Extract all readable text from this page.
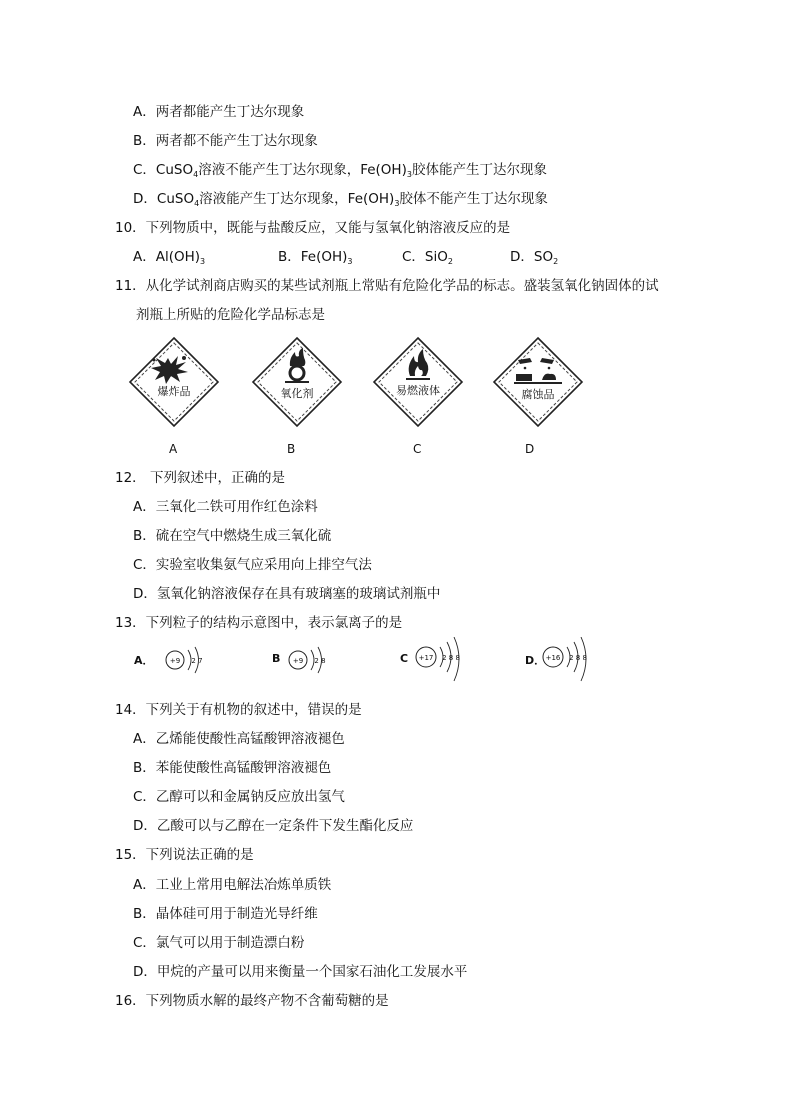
A．两者都能产生丁达尔现象
B．两者都不能产生丁达尔现象
C．CuSO$_4$溶液不能产生丁达尔现象，$Fe(OH)_3$胶体能产生丁达尔现象
D．CuSO$_4$溶液能产生丁达尔现象，$Fe(OH)_3$胶体不能产生丁达尔现象
10．下列物质中，既能与盐酸反应，又能与氢氧化钠溶液反应的是
A．$Al(OH)_3$	B．$Fe(OH)_3$	C．SiO$_2$	D．$SO_2$
11．从化学试剂商店购买的某些试剂瓶上常贴有危险化学品的标志。盛装氢氧化钠固体的试
剂瓶上所贴的危险化学品标志是
爆炸品	氧化剂	易燃液体	腐蚀品
A	B	C	D
12． 下列叙述中，正确的是
A．三氧化二铁可用作红色涂料
B．硫在空气中燃烧生成三氧化硫
C．实验室收集氨气应采用向上排空气法
D．氢氧化钠溶液保存在具有玻璃塞的玻璃试剂瓶中
13．下列粒子的结构示意图中，表示氯离子的是
A． +9 2 7	B +9 2 8	C +17 2 8 8	D． +16 2 8 8
14．下列关于有机物的叙述中，错误的是
A．乙烯能使酸性高锰酸钾溶液褪色
B．苯能使酸性高锰酸钾溶液褪色
C．乙醇可以和金属钠反应放出氢气
D．乙酸可以与乙醇在一定条件下发生酯化反应
15．下列说法正确的是
A．工业上常用电解法冶炼单质铁
B．晶体硅可用于制造光导纤维
C．氯气可以用于制造漂白粉
D．甲烷的产量可以用来衡量一个国家石油化工发展水平
16．下列物质水解的最终产物不含葡萄糖的是
